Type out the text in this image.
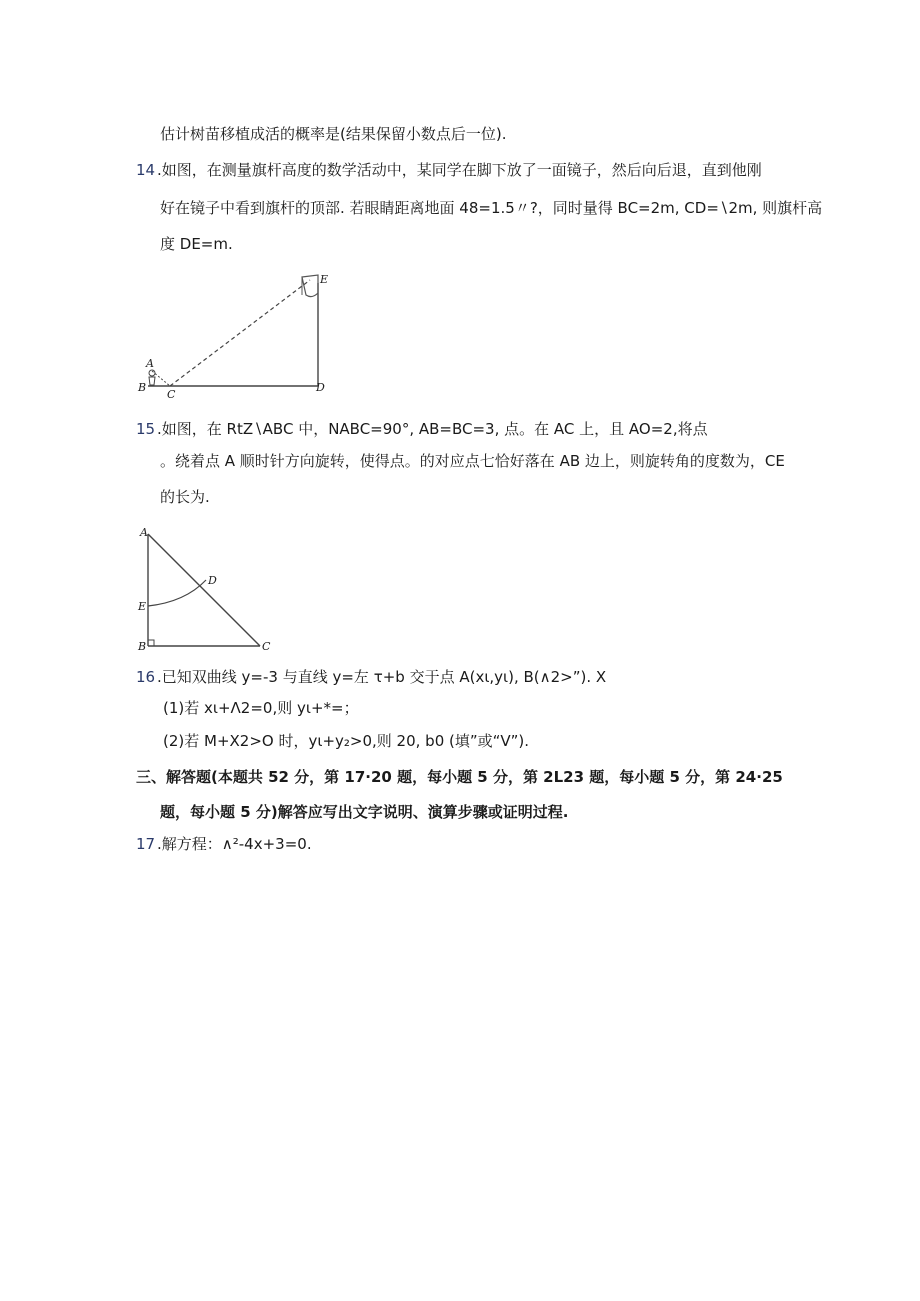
估计树苗移植成活的概率是(结果保留小数点后一位).
14 .如图，在测量旗杆高度的数学活动中，某同学在脚下放了一面镜子，然后向后退，直到他刚
好在镜子中看到旗杆的顶部. 若眼睛距离地面 48=1.5〃?，同时量得 BC=2m, CD=∖2m, 则旗杆高
度 DE=m.
A
B
C
D
E
15 .如图，在 RtZ∖ABC 中，NABC=90°, AB=BC=3, 点。在 AC 上，且 AO=2,将点
。绕着点 A 顺时针方向旋转，使得点。的对应点七恰好落在 AB 边上，则旋转角的度数为，CE
的长为.
A
E
D
B	C
16 .已知双曲线 y=-3 与直线 y=左 τ+b 交于点 A(xι,yι), B(∧2>”). X
(1)若 xι+Λ2=0,则 yι+*=；
(2)若 M+X2>O 时，yι+y₂>0,则 20, b0 (填”或“V”).
三、解答题(本题共 52 分，第 17·20 题，每小题 5 分，第 2L23 题，每小题 5 分，第 24·25
题，每小题 5 分)解答应写出文字说明、演算步骤或证明过程.
17 .解方程：∧²-4x+3=0.
